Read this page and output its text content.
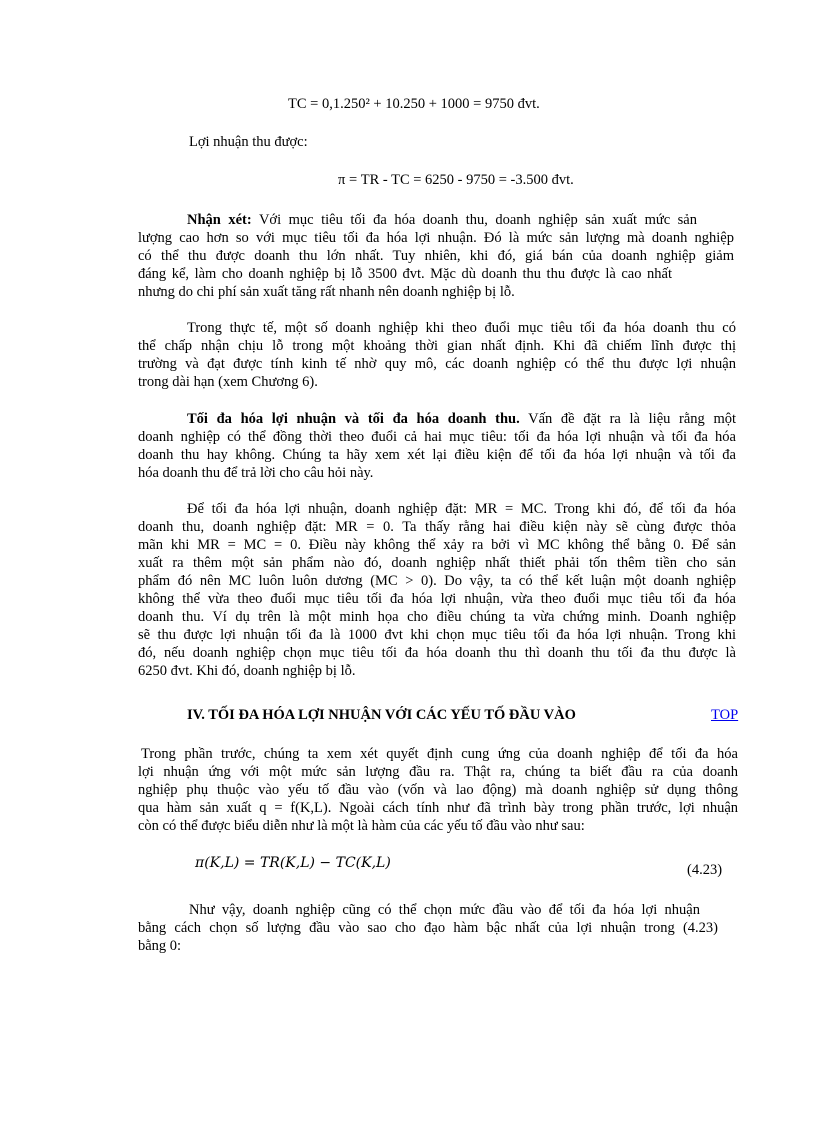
TC = 0,1.250² + 10.250 + 1000 = 9750 đvt.
Lợi nhuận thu được:
π = TR - TC = 6250 - 9750 = -3.500 đvt.
Nhận xét: Với mục tiêu tối đa hóa doanh thu, doanh nghiệp sản xuất mức sản
lượng cao hơn so với mục tiêu tối đa hóa lợi nhuận. Đó là mức sản lượng mà doanh nghiệp
có thể thu được doanh thu lớn nhất. Tuy nhiên, khi đó, giá bán của doanh nghiệp giảm
đáng kể, làm cho doanh nghiệp bị lỗ 3500 đvt. Mặc dù doanh thu thu được là cao nhất
nhưng do chi phí sản xuất tăng rất nhanh nên doanh nghiệp bị lỗ.
Trong thực tế, một số doanh nghiệp khi theo đuổi mục tiêu tối đa hóa doanh thu có
thể chấp nhận chịu lỗ trong một khoảng thời gian nhất định. Khi đã chiếm lĩnh được thị
trường và đạt được tính kinh tế nhờ quy mô, các doanh nghiệp có thể thu được lợi nhuận
trong dài hạn (xem Chương 6).
Tối đa hóa lợi nhuận và tối đa hóa doanh thu. Vấn đề đặt ra là liệu rằng một
doanh nghiệp có thể đồng thời theo đuổi cả hai mục tiêu: tối đa hóa lợi nhuận và tối đa hóa
doanh thu hay không. Chúng ta hãy xem xét lại điều kiện để tối đa hóa lợi nhuận và tối đa
hóa doanh thu để trả lời cho câu hỏi này.
Để tối đa hóa lợi nhuận, doanh nghiệp đặt: MR = MC. Trong khi đó, để tối đa hóa
doanh thu, doanh nghiệp đặt: MR = 0. Ta thấy rằng hai điều kiện này sẽ cùng được thỏa
mãn khi MR = MC = 0. Điều này không thể xảy ra bởi vì MC không thể bằng 0. Để sản
xuất ra thêm một sản phẩm nào đó, doanh nghiệp nhất thiết phải tốn thêm tiền cho sản
phẩm đó nên MC luôn luôn dương (MC > 0). Do vậy, ta có thể kết luận một doanh nghiệp
không thể vừa theo đuổi mục tiêu tối đa hóa lợi nhuận, vừa theo đuổi mục tiêu tối đa hóa
doanh thu. Ví dụ trên là một minh họa cho điều chúng ta vừa chứng minh. Doanh nghiệp
sẽ thu được lợi nhuận tối đa là 1000 đvt khi chọn mục tiêu tối đa hóa lợi nhuận. Trong khi
đó, nếu doanh nghiệp chọn mục tiêu tối đa hóa doanh thu thì doanh thu tối đa thu được là
6250 đvt. Khi đó, doanh nghiệp bị lỗ.
IV. TỐI ĐA HÓA LỢI NHUẬN VỚI CÁC YẾU TỐ ĐẦU VÀO	TOP
Trong phần trước, chúng ta xem xét quyết định cung ứng của doanh nghiệp để tối đa hóa
lợi nhuận ứng với một mức sản lượng đầu ra. Thật ra, chúng ta biết đầu ra của doanh
nghiệp phụ thuộc vào yếu tố đầu vào (vốn và lao động) mà doanh nghiệp sử dụng thông
qua hàm sản xuất q = f(K,L). Ngoài cách tính như đã trình bày trong phần trước, lợi nhuận
còn có thể được biểu diễn như là một là hàm của các yếu tố đầu vào như sau:
π(K,L) = TR(K,L) − TC(K,L)	(4.23)
Như vậy, doanh nghiệp cũng có thể chọn mức đầu vào để tối đa hóa lợi nhuận
bằng cách chọn số lượng đầu vào sao cho đạo hàm bậc nhất của lợi nhuận trong (4.23)
bằng 0:
